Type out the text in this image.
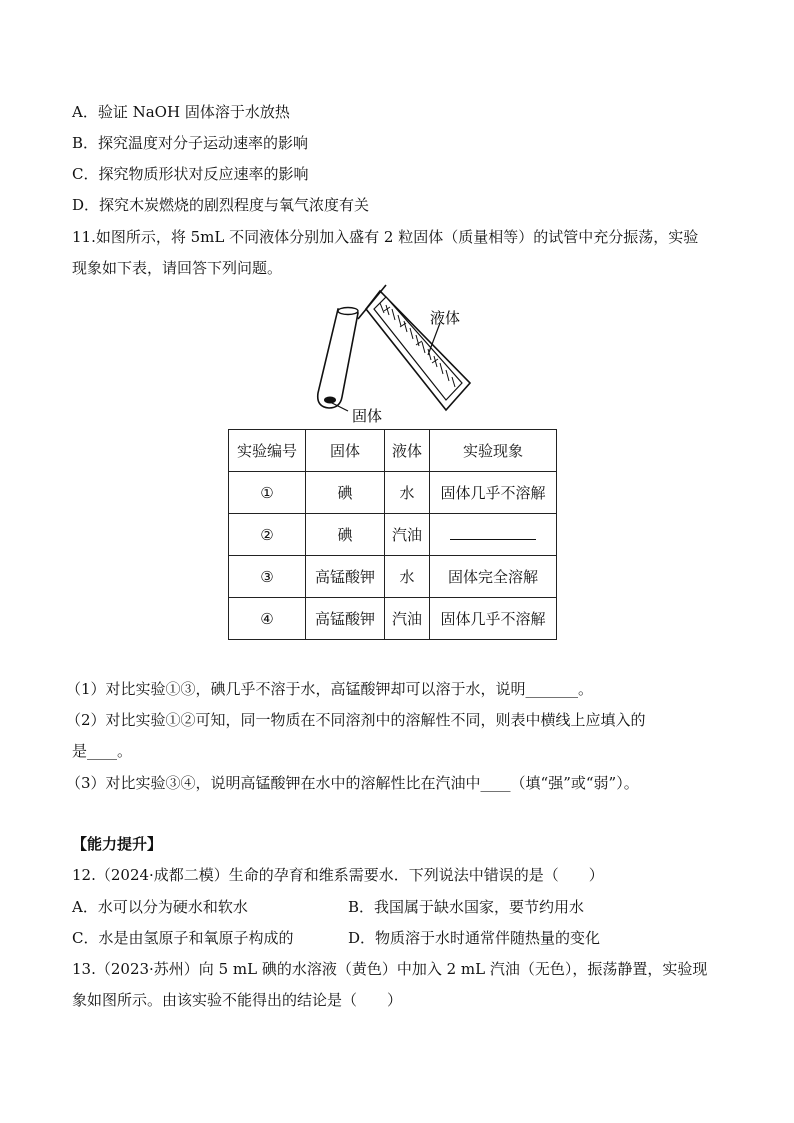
A．验证 NaOH 固体溶于水放热
B．探究温度对分子运动速率的影响
C．探究物质形状对反应速率的影响
D．探究木炭燃烧的剧烈程度与氧气浓度有关
11.如图所示，将 5mL 不同液体分别加入盛有 2 粒固体（质量相等）的试管中充分振荡，实验
现象如下表，请回答下列问题。
液体
固体
实验编号	固体	液体	实验现象
①	碘	水	固体几乎不溶解
②	碘	汽油	
③	高锰酸钾	水	固体完全溶解
④	高锰酸钾	汽油	固体几乎不溶解
（1）对比实验①③，碘几乎不溶于水，高锰酸钾却可以溶于水，说明_______。
（2）对比实验①②可知，同一物质在不同溶剂中的溶解性不同，则表中横线上应填入的
是____。
（3）对比实验③④，说明高锰酸钾在水中的溶解性比在汽油中____（填“强”或“弱”）。
【能力提升】
12.（2024·成都二模）生命的孕育和维系需要水．下列说法中错误的是（　　）
A．水可以分为硬水和软水	B．我国属于缺水国家，要节约用水
C．水是由氢原子和氧原子构成的	D．物质溶于水时通常伴随热量的变化
13.（2023·苏州）向 5 mL 碘的水溶液（黄色）中加入 2 mL 汽油（无色），振荡静置，实验现
象如图所示。由该实验不能得出的结论是（　　）
